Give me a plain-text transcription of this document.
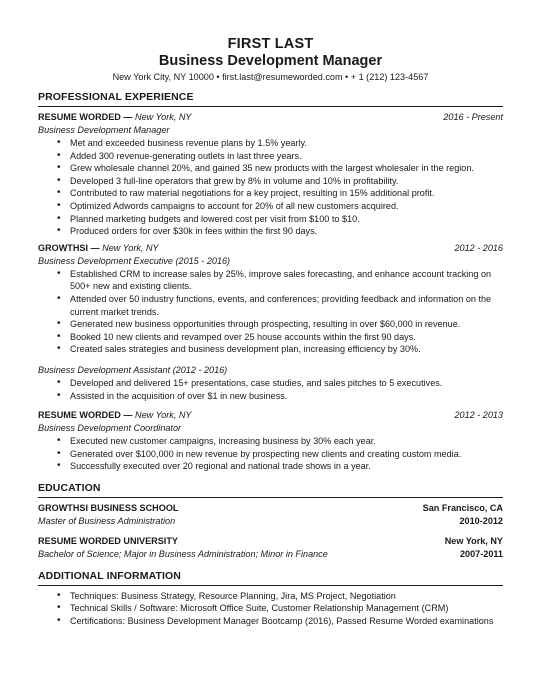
FIRST LAST
Business Development Manager
New York City, NY 10000 • first.last@resumeworded.com • + 1 (212) 123-4567
PROFESSIONAL EXPERIENCE
RESUME WORDED — New York, NY	2016 - Present
Business Development Manager
• Met and exceeded business revenue plans by 1.5% yearly.
• Added 300 revenue-generating outlets in last three years.
• Grew wholesale channel 20%, and gained 35 new products with the largest wholesaler in the region.
• Developed 3 full-line operators that grew by 8% in volume and 10% in profitability.
• Contributed to raw material negotiations for a key project, resulting in 15% additional profit.
• Optimized Adwords campaigns to account for 20% of all new customers acquired.
• Planned marketing budgets and lowered cost per visit from $100 to $10.
• Produced orders for over $30k in fees within the first 90 days.
GROWTHSI — New York, NY	2012 - 2016
Business Development Executive (2015 - 2016)
• Established CRM to increase sales by 25%, improve sales forecasting, and enhance account tracking on 500+ new and existing clients.
• Attended over 50 industry functions, events, and conferences; providing feedback and information on the current market trends.
• Generated new business opportunities through prospecting, resulting in over $60,000 in revenue.
• Booked 10 new clients and revamped over 25 house accounts within the first 90 days.
• Created sales strategies and business development plan, increasing efficiency by 30%.
Business Development Assistant (2012 - 2016)
• Developed and delivered 15+ presentations, case studies, and sales pitches to 5 executives.
• Assisted in the acquisition of over $1 in new business.
RESUME WORDED — New York, NY	2012 - 2013
Business Development Coordinator
• Executed new customer campaigns, increasing business by 30% each year.
• Generated over $100,000 in new revenue by prospecting new clients and creating custom media.
• Successfully executed over 20 regional and national trade shows in a year.
EDUCATION
GROWTHSI BUSINESS SCHOOL	San Francisco, CA
Master of Business Administration	2010-2012
RESUME WORDED UNIVERSITY	New York, NY
Bachelor of Science; Major in Business Administration; Minor in Finance	2007-2011
ADDITIONAL INFORMATION
• Techniques: Business Strategy, Resource Planning, Jira, MS Project, Negotiation
• Technical Skills / Software: Microsoft Office Suite, Customer Relationship Management (CRM)
• Certifications: Business Development Manager Bootcamp (2016), Passed Resume Worded examinations
